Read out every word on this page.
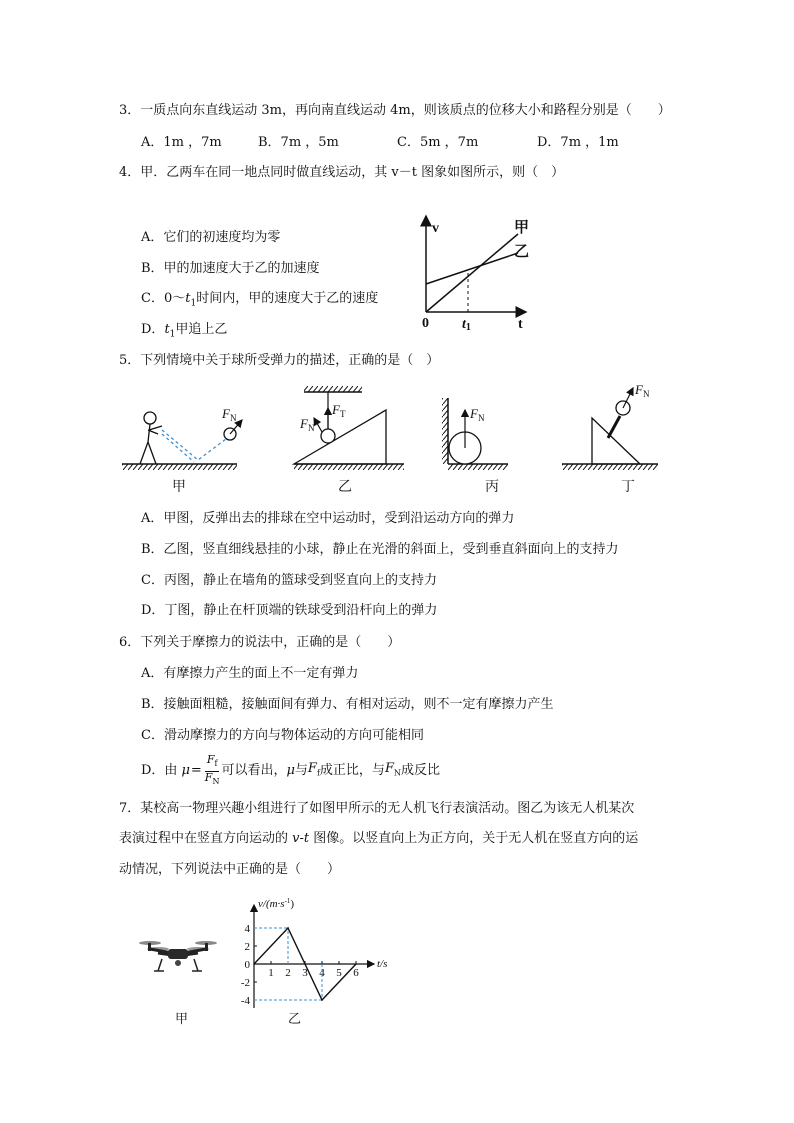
3．一质点向东直线运动 3m，再向南直线运动 4m，则该质点的位移大小和路程分别是（　　）
A．1m ，7m	B．7m ，5m	C．5m ，7m	D．7m ，1m
4．甲．乙两车在同一地点同时做直线运动，其 v－t 图象如图所示，则（　）
A．它们的初速度均为零
B．甲的加速度大于乙的加速度
C．$0\sim t_1$时间内，甲的速度大于乙的速度
D．$t_1$甲追上乙
v
t
0 t1
甲
乙
5．下列情境中关于球所受弹力的描述，正确的是（　）
$F_N$
$F_T$
$F_N$
$F_N$
$F_N$
甲	乙	丙	丁
A．甲图，反弹出去的排球在空中运动时，受到沿运动方向的弹力
B．乙图，竖直细线悬挂的小球，静止在光滑的斜面上，受到垂直斜面向上的支持力
C．丙图，静止在墙角的篮球受到竖直向上的支持力
D．丁图，静止在杆顶端的铁球受到沿杆向上的弹力
6．下列关于摩擦力的说法中，正确的是（　　）
A．有摩擦力产生的面上不一定有弹力
B．接触面粗糙，接触面间有弹力、有相对运动，则不一定有摩擦力产生
C．滑动摩擦力的方向与物体运动的方向可能相同
D．由 $\mu = \frac{F_f}{F_N}$ 可以看出， μ 与 $F_f$ 成正比，与 $F_N$ 成反比
7．某校高一物理兴趣小组进行了如图甲所示的无人机飞行表演活动。图乙为该无人机某次
表演过程中在竖直方向运动的 v-t 图像。以竖直向上为正方向，关于无人机在竖直方向的运
动情况，下列说法中正确的是（　　）
甲
4
2
0
-2
-4
1 2 3 4 5 6
$v/(m\cdot s^{-1})$
t/s
乙
